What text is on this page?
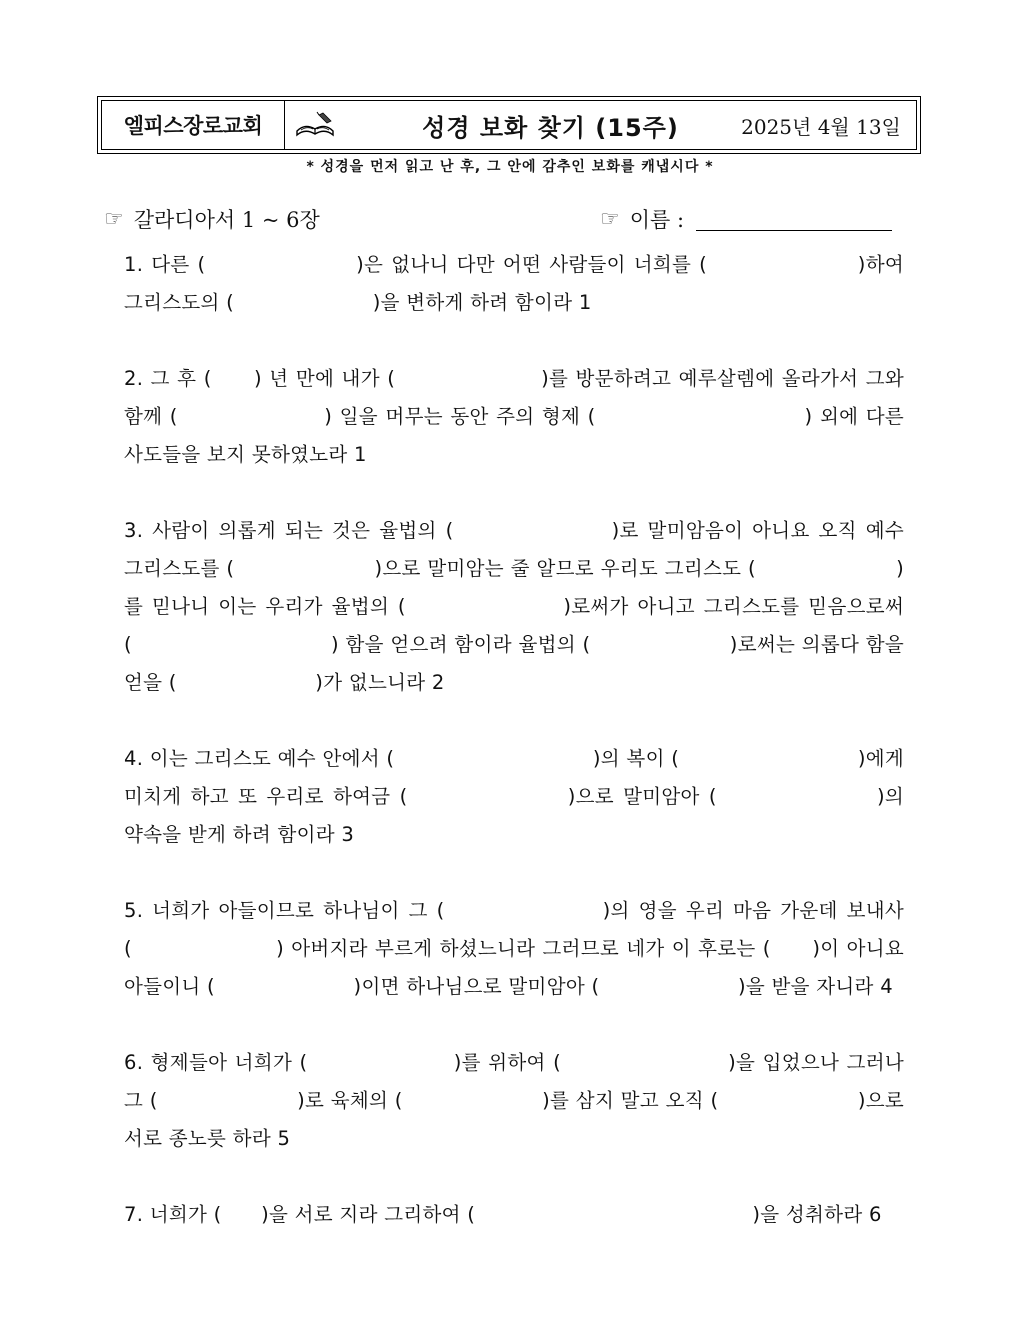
엘피스장로교회	성경 보화 찾기 (15주)	2025년 4월 13일
* 성경을 먼저 읽고 난 후, 그 안에 감추인 보화를 캐냅시다 *
☞ 갈라디아서 1 ~ 6장	☞ 이름 :
1. 다른 (　　　　　　　)은 없나니 다만 어떤 사람들이 너희를 (　　　　　　　)하여 그리스도의 (　　　　　　　)을 변하게 하려 함이라 1
2. 그 후 (　　) 년 만에 내가 (　　　　　　　)를 방문하려고 예루살렘에 올라가서 그와 함께 (　　　　　　　) 일을 머무는 동안 주의 형제 (　　　　　　　　　　) 외에 다른 사도들을 보지 못하였노라 1
3. 사람이 의롭게 되는 것은 율법의 (　　　　　　　)로 말미암음이 아니요 오직 예수 그리스도를 (　　　　　　　)으로 말미암는 줄 알므로 우리도 그리스도 (　　　　　　　) 를 믿나니 이는 우리가 율법의 (　　　　　　　)로써가 아니고 그리스도를 믿음으로써 (　　　　　　　　　　) 함을 얻으려 함이라 율법의 (　　　　　　　)로써는 의롭다 함을 얻을 (　　　　　　　)가 없느니라 2
4. 이는 그리스도 예수 안에서 (　　　　　　　　　　)의 복이 (　　　　　　　　　)에게 미치게 하고 또 우리로 하여금 (　　　　　　　)으로 말미암아 (　　　　　　　)의 약속을 받게 하려 함이라 3
5. 너희가 아들이므로 하나님이 그 (　　　　　　　)의 영을 우리 마음 가운데 보내사 (　　　　　　　) 아버지라 부르게 하셨느니라 그러므로 네가 이 후로는 (　　)이 아니요 아들이니 (　　　　　　　)이면 하나님으로 말미암아 (　　　　　　　)을 받을 자니라 4
6. 형제들아 너희가 (　　　　　　　)를 위하여 (　　　　　　　　)을 입었으나 그러나 그 (　　　　　　　)로 육체의 (　　　　　　　)를 삼지 말고 오직 (　　　　　　　)으로 서로 종노릇 하라 5
7. 너희가 (　　)을 서로 지라 그리하여 (　　　　　　　　　　　　　　)을 성취하라 6
